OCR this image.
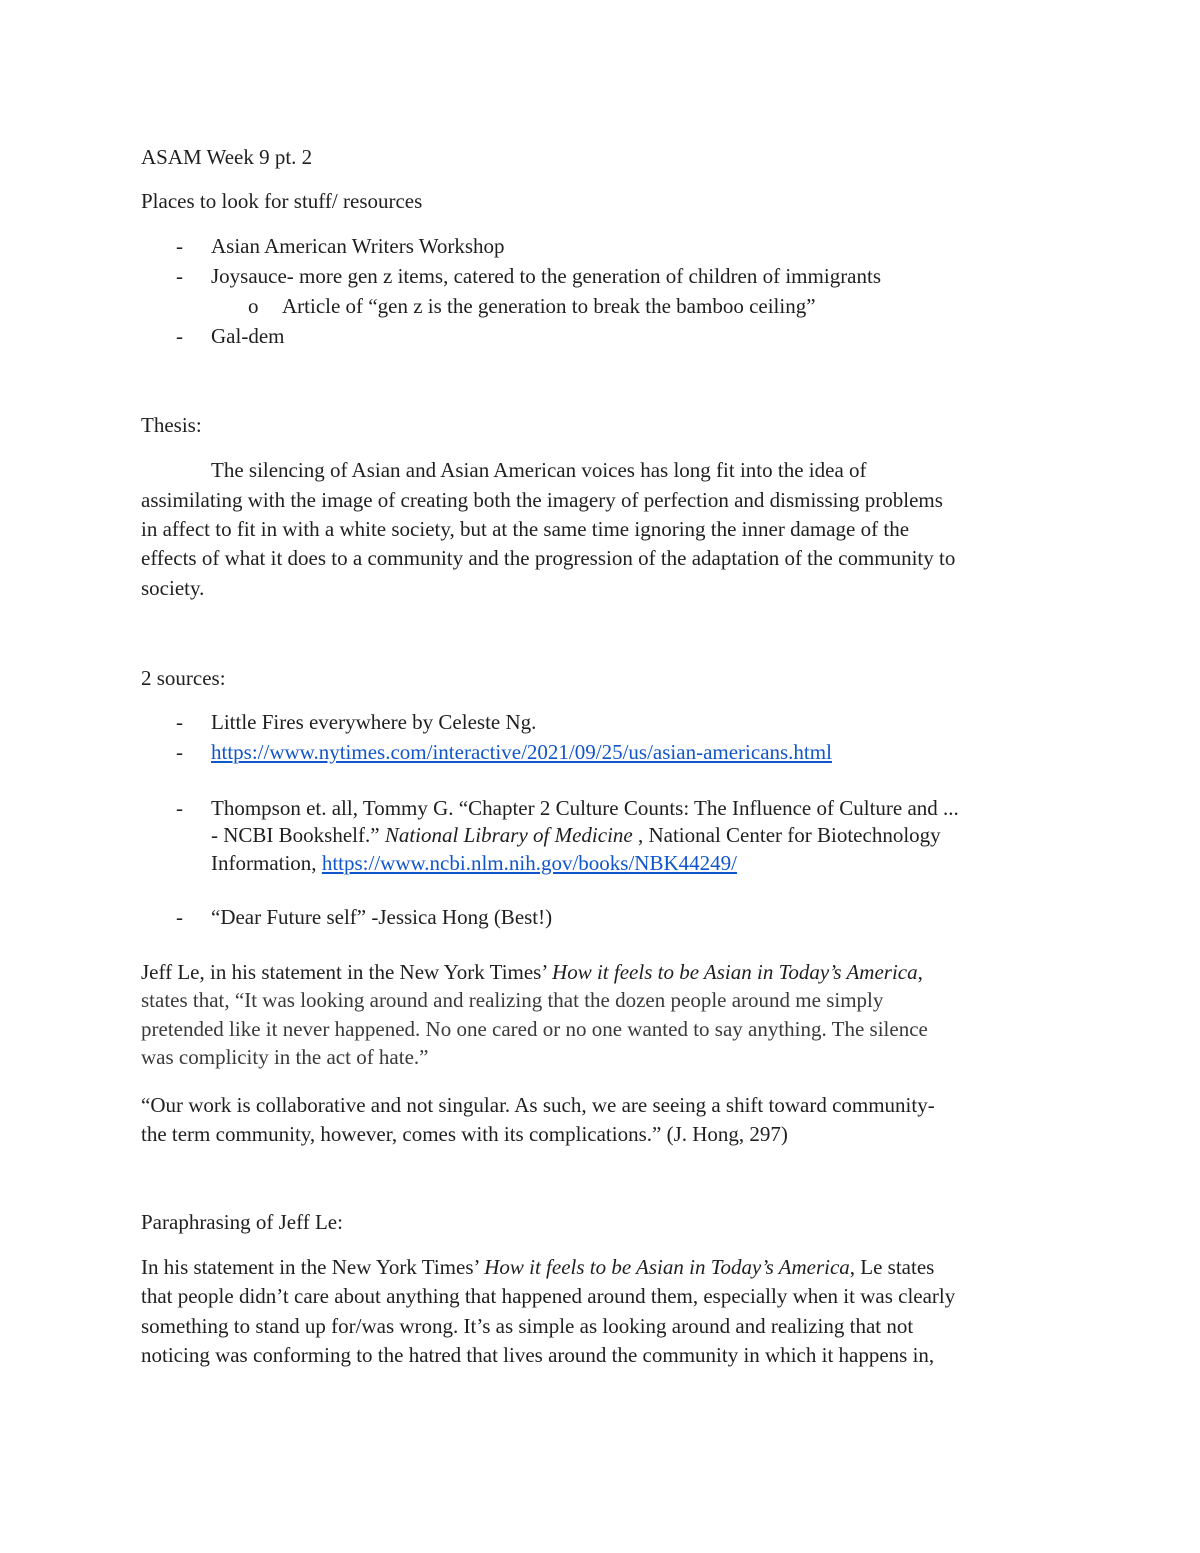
ASAM Week 9 pt. 2
Places to look for stuff/ resources
- Asian American Writers Workshop
- Joysauce- more gen z items, catered to the generation of children of immigrants
o Article of “gen z is the generation to break the bamboo ceiling”
- Gal-dem
Thesis:
The silencing of Asian and Asian American voices has long fit into the idea of
assimilating with the image of creating both the imagery of perfection and dismissing problems
in affect to fit in with a white society, but at the same time ignoring the inner damage of the
effects of what it does to a community and the progression of the adaptation of the community to
society.
2 sources:
- Little Fires everywhere by Celeste Ng.
- https://www.nytimes.com/interactive/2021/09/25/us/asian-americans.html
- Thompson et. all, Tommy G. “Chapter 2 Culture Counts: The Influence of Culture and ...
- NCBI Bookshelf.” National Library of Medicine , National Center for Biotechnology
Information, https://www.ncbi.nlm.nih.gov/books/NBK44249/
- “Dear Future self” -Jessica Hong (Best!)
Jeff Le, in his statement in the New York Times’ How it feels to be Asian in Today’s America,
states that, “It was looking around and realizing that the dozen people around me simply
pretended like it never happened. No one cared or no one wanted to say anything. The silence
was complicity in the act of hate.”
“Our work is collaborative and not singular. As such, we are seeing a shift toward community-
the term community, however, comes with its complications.” (J. Hong, 297)
Paraphrasing of Jeff Le:
In his statement in the New York Times’ How it feels to be Asian in Today’s America, Le states
that people didn’t care about anything that happened around them, especially when it was clearly
something to stand up for/was wrong. It’s as simple as looking around and realizing that not
noticing was conforming to the hatred that lives around the community in which it happens in,
